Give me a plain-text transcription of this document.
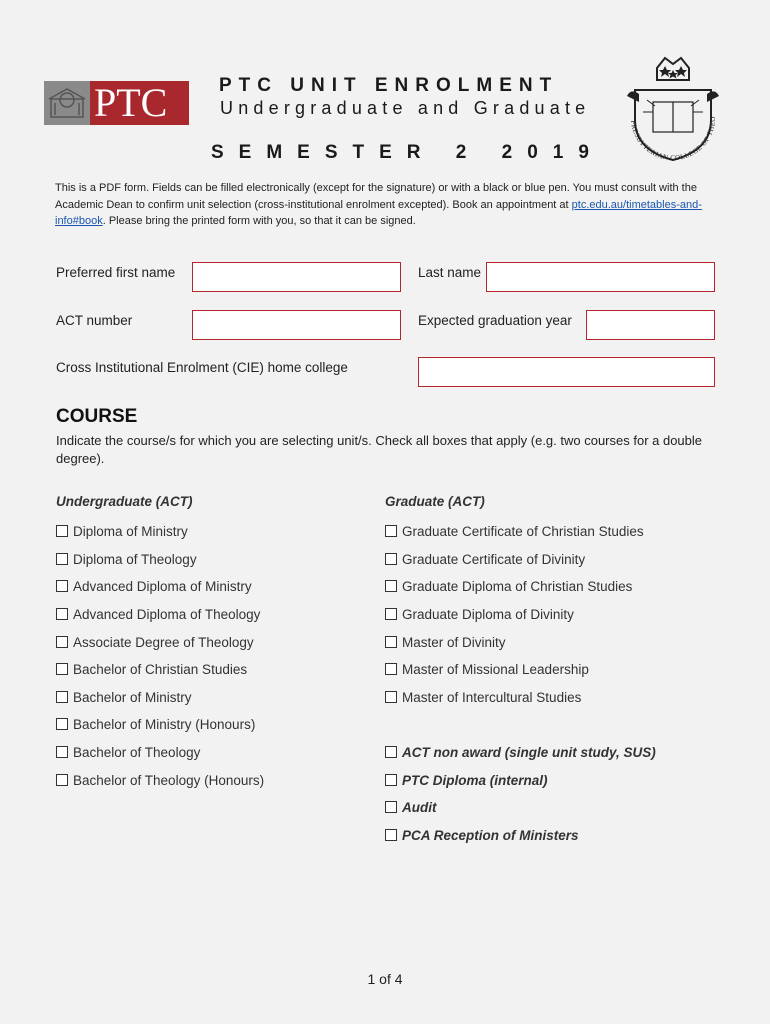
PTC	PTC UNIT ENROLMENT
Undergraduate and Graduate
SEMESTER 2 2019
PRESBYTERIAN COLLEGE OF THEO
This is a PDF form. Fields can be filled electronically (except for the signature) or with a black or blue pen. You must consult with the Academic Dean to confirm unit selection (cross-institutional enrolment excepted). Book an appointment at ptc.edu.au/timetables-and-info#book. Please bring the printed form with you, so that it can be signed.
Preferred first name	Last name
ACT number	Expected graduation year
Cross Institutional Enrolment (CIE) home college
COURSE
Indicate the course/s for which you are selecting unit/s. Check all boxes that apply (e.g. two courses for a double degree).
Undergraduate (ACT)	Graduate (ACT)
Diploma of Ministry
Diploma of Theology
Advanced Diploma of Ministry
Advanced Diploma of Theology
Associate Degree of Theology
Bachelor of Christian Studies
Bachelor of Ministry
Bachelor of Ministry (Honours)
Bachelor of Theology
Bachelor of Theology (Honours)
Graduate Certificate of Christian Studies
Graduate Certificate of Divinity
Graduate Diploma of Christian Studies
Graduate Diploma of Divinity
Master of Divinity
Master of Missional Leadership
Master of Intercultural Studies
ACT non award (single unit study, SUS)
PTC Diploma (internal)
Audit
PCA Reception of Ministers
1 of 4
